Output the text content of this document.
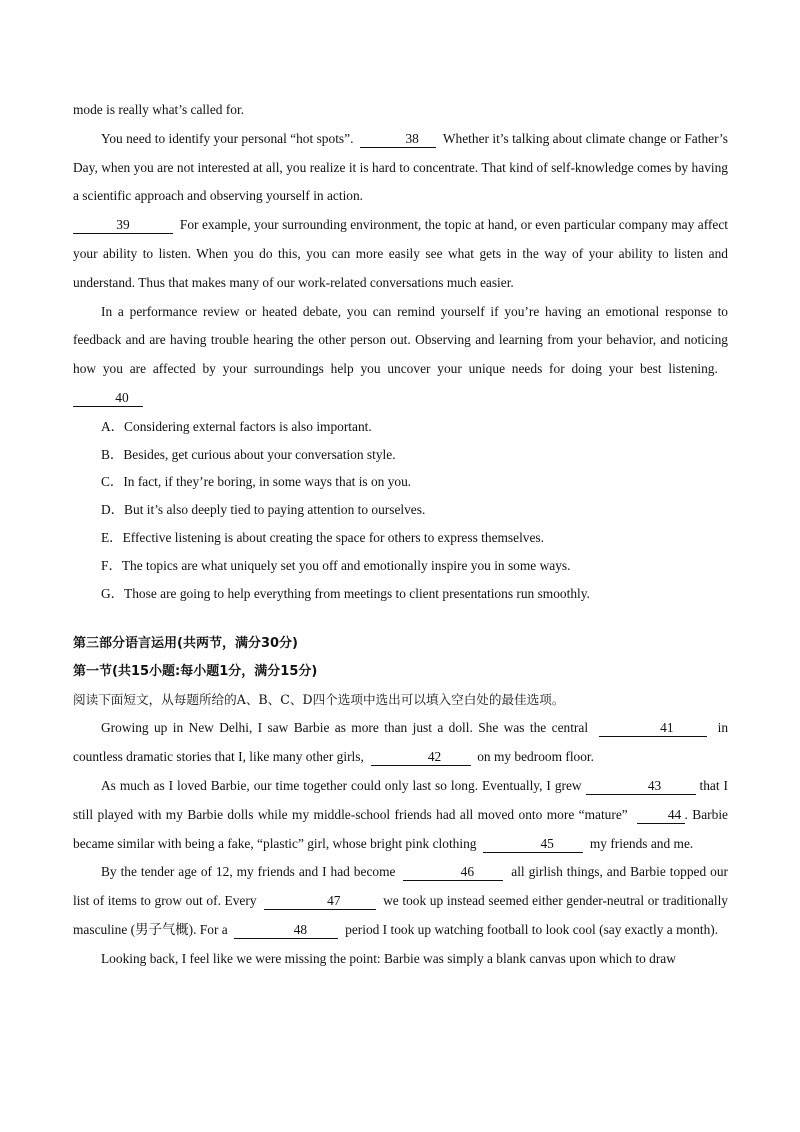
mode is really what’s called for.

You need to identify your personal “hot spots”.	38 Whether it’s talking about climate change or Father’s Day, when you are not interested at all, you realize it is hard to concentrate. That kind of self-knowledge comes by having a scientific approach and observing yourself in action.

39	For example, your surrounding environment, the topic at hand, or even particular company may affect your ability to listen. When you do this, you can more easily see what gets in the way of your ability to listen and understand. Thus that makes many of our work-related conversations much easier.

In a performance review or heated debate, you can remind yourself if you’re having an emotional response to feedback and are having trouble hearing the other person out. Observing and learning from your behavior, and noticing how you are affected by your surroundings help you uncover your unique needs for doing your best listening.  40

A．Considering external factors is also important.

B．Besides, get curious about your conversation style.

C．In fact, if they’re boring, in some ways that is on you.

D．But it’s also deeply tied to paying attention to ourselves.

E．Effective listening is about creating the space for others to express themselves.

F．The topics are what uniquely set you off and emotionally inspire you in some ways.

G．Those are going to help everything from meetings to client presentations run smoothly.

第三部分语言运用(共两节，满分30分)

第一节(共15小题:每小题1分，满分15分)

阅读下面短文，从每题所给的A、B、C、D四个选项中选出可以填入空白处的最佳选项。

Growing up in New Delhi, I saw Barbie as more than just a doll. She was the central	41	in countless dramatic stories that I, like many other girls,	42	on my bedroom floor.

As much as I loved Barbie, our time together could only last so long. Eventually, I grew	43	that I still played with my Barbie dolls while my middle-school friends had all moved onto more “mature”	44 . Barbie became similar with being a fake, “plastic” girl, whose bright pink clothing	45	my friends and me.

By the tender age of 12, my friends and I had become	46	all girlish things, and Barbie topped our list of items to grow out of. Every	47	we took up instead seemed either gender-neutral or traditionally masculine (男子气概). For a	48	period I took up watching football to look cool (say exactly a month).

Looking back, I feel like we were missing the point: Barbie was simply a blank canvas upon which to draw
